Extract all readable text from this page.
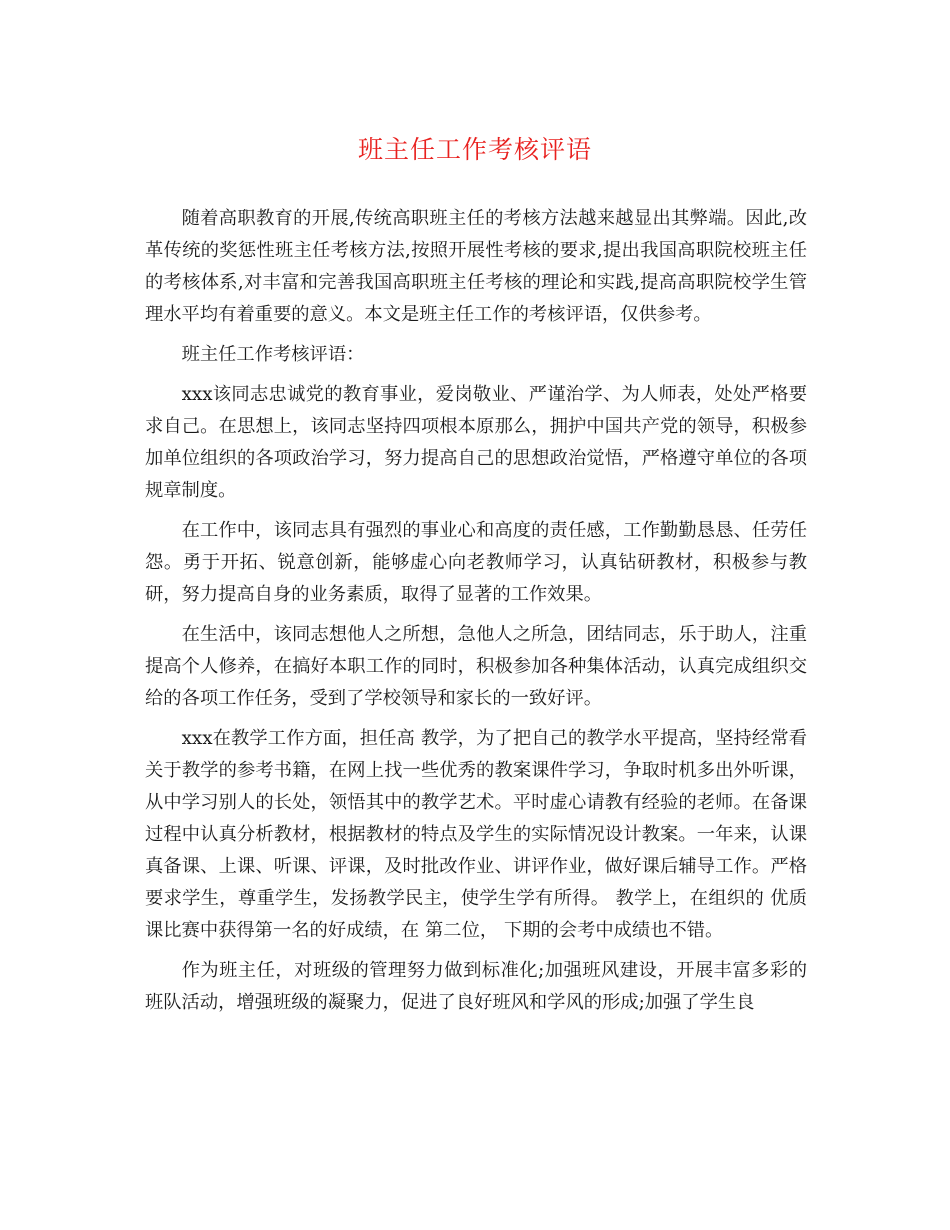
班主任工作考核评语

随着高职教育的开展,传统高职班主任的考核方法越来越显出其弊端。因此,改革传统的奖惩性班主任考核方法,按照开展性考核的要求,提出我国高职院校班主任的考核体系,对丰富和完善我国高职班主任考核的理论和实践,提高高职院校学生管理水平均有着重要的意义。本文是班主任工作的考核评语，仅供参考。

班主任工作考核评语：

xxx该同志忠诚党的教育事业，爱岗敬业、严谨治学、为人师表，处处严格要求自己。在思想上，该同志坚持四项根本原那么，拥护中国共产党的领导，积极参加单位组织的各项政治学习，努力提高自己的思想政治觉悟，严格遵守单位的各项规章制度。

在工作中，该同志具有强烈的事业心和高度的责任感，工作勤勤恳恳、任劳任怨。勇于开拓、锐意创新，能够虚心向老教师学习，认真钻研教材，积极参与教研，努力提高自身的业务素质，取得了显著的工作效果。

在生活中，该同志想他人之所想，急他人之所急，团结同志，乐于助人，注重提高个人修养，在搞好本职工作的同时，积极参加各种集体活动，认真完成组织交给的各项工作任务，受到了学校领导和家长的一致好评。

xxx在教学工作方面，担任高 教学，为了把自己的教学水平提高，坚持经常看关于教学的参考书籍，在网上找一些优秀的教案课件学习，争取时机多出外听课，从中学习别人的长处，领悟其中的教学艺术。平时虚心请教有经验的老师。在备课过程中认真分析教材，根据教材的特点及学生的实际情况设计教案。一年来，认课真备课、上课、听课、评课，及时批改作业、讲评作业，做好课后辅导工作。严格要求学生，尊重学生，发扬教学民主，使学生学有所得。 教学上，在组织的 优质课比赛中获得第一名的好成绩，在 第二位， 下期的会考中成绩也不错。

作为班主任，对班级的管理努力做到标准化;加强班风建设，开展丰富多彩的班队活动，增强班级的凝聚力，促进了良好班风和学风的形成;加强了学生良
